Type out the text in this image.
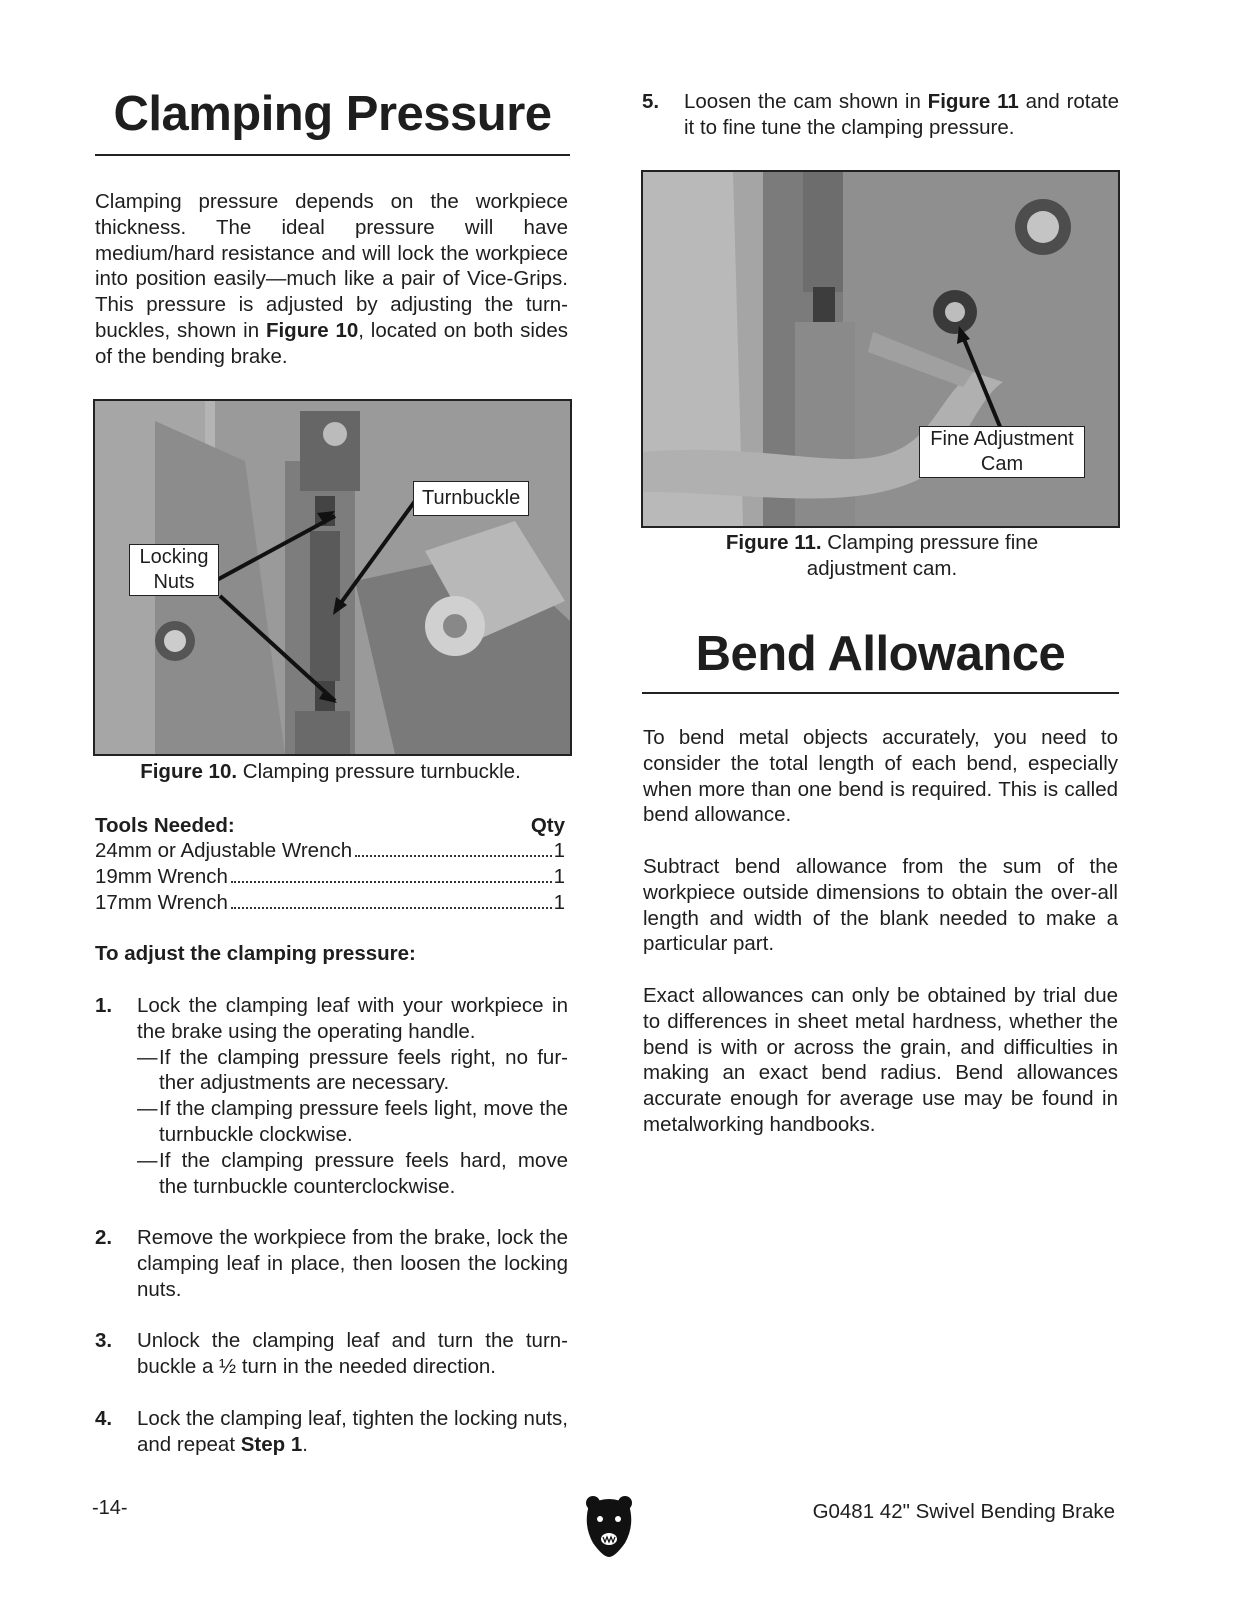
Clamping Pressure
Clamping pressure depends on the workpiece thickness. The ideal pressure will have medium/hard resistance and will lock the workpiece into position easily—much like a pair of Vice-Grips. This pressure is adjusted by adjusting the turn-buckles, shown in Figure 10, located on both sides of the bending brake.
Turnbuckle
Locking
Nuts
Figure 10. Clamping pressure turnbuckle.
Tools Needed:	Qty
24mm or Adjustable Wrench	1
19mm Wrench	1
17mm Wrench	1
To adjust the clamping pressure:
1.	Lock the clamping leaf with your workpiece in the brake using the operating handle.
— If the clamping pressure feels right, no fur-ther adjustments are necessary.
— If the clamping pressure feels light, move the turnbuckle clockwise.
— If the clamping pressure feels hard, move the turnbuckle counterclockwise.
2.	Remove the workpiece from the brake, lock the clamping leaf in place, then loosen the locking nuts.
3.	Unlock the clamping leaf and turn the turn-buckle a ½ turn in the needed direction.
4.	Lock the clamping leaf, tighten the locking nuts, and repeat Step 1.
5.	Loosen the cam shown in Figure 11 and rotate it to fine tune the clamping pressure.
Fine Adjustment
Cam
Figure 11. Clamping pressure fine adjustment cam.
Bend Allowance
To bend metal objects accurately, you need to consider the total length of each bend, especially when more than one bend is required. This is called bend allowance.
Subtract bend allowance from the sum of the workpiece outside dimensions to obtain the over-all length and width of the blank needed to make a particular part.
Exact allowances can only be obtained by trial due to differences in sheet metal hardness, whether the bend is with or across the grain, and difficulties in making an exact bend radius. Bend allowances accurate enough for average use may be found in metalworking handbooks.
-14-	G0481 42" Swivel Bending Brake
